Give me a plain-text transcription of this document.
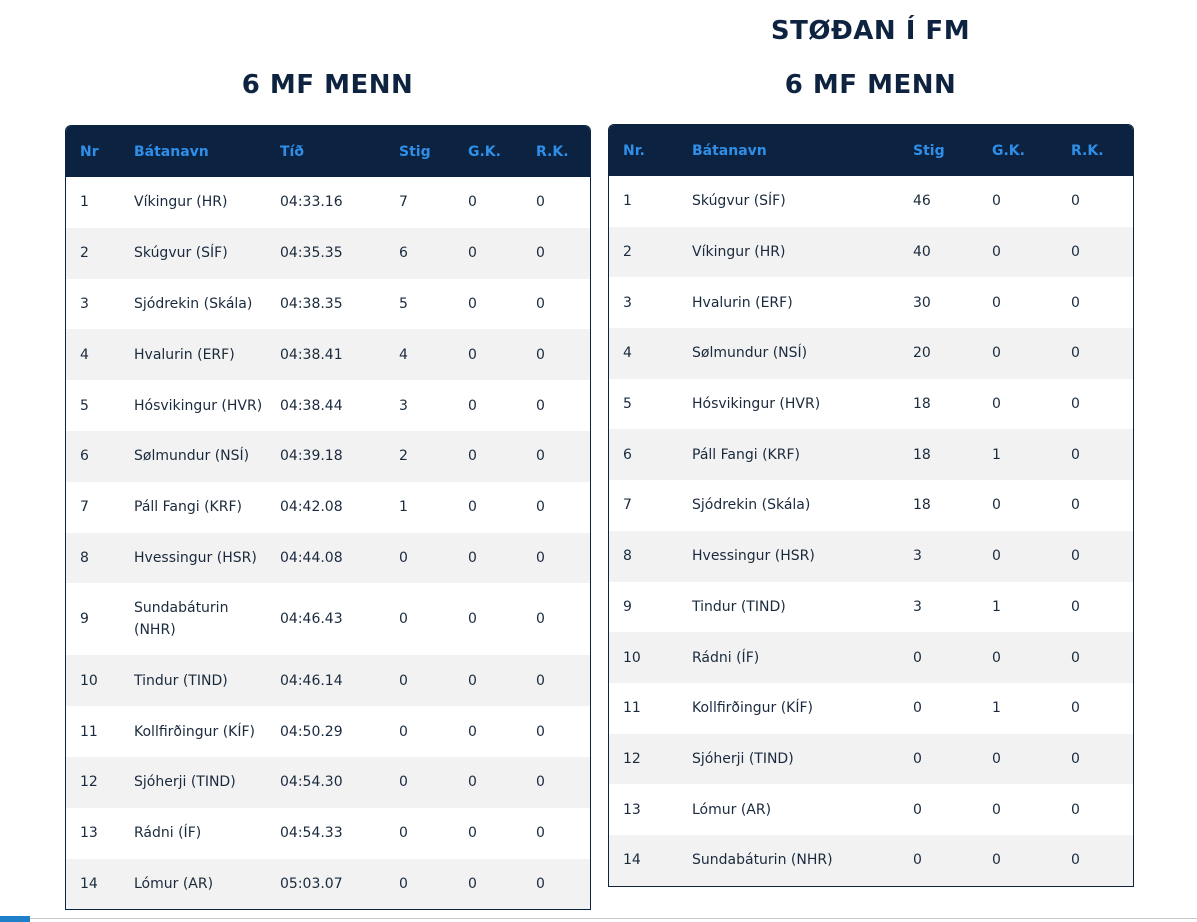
STØÐAN Í FM
6 MF MENN	6 MF MENN
Nr	Bátanavn	Tíð	Stig	G.K.	R.K.
1	Víkingur (HR)	04:33.16	7	0	0
2	Skúgvur (SÍF)	04:35.35	6	0	0
3	Sjódrekin (Skála)	04:38.35	5	0	0
4	Hvalurin (ERF)	04:38.41	4	0	0
5	Hósvikingur (HVR)	04:38.44	3	0	0
6	Sølmundur (NSÍ)	04:39.18	2	0	0
7	Páll Fangi (KRF)	04:42.08	1	0	0
8	Hvessingur (HSR)	04:44.08	0	0	0
9	Sundabáturin (NHR)	04:46.43	0	0	0
10	Tindur (TIND)	04:46.14	0	0	0
11	Kollfirðingur (KÍF)	04:50.29	0	0	0
12	Sjóherji (TIND)	04:54.30	0	0	0
13	Rádni (ÍF)	04:54.33	0	0	0
14	Lómur (AR)	05:03.07	0	0	0
Nr.	Bátanavn	Stig	G.K.	R.K.
1	Skúgvur (SÍF)	46	0	0
2	Víkingur (HR)	40	0	0
3	Hvalurin (ERF)	30	0	0
4	Sølmundur (NSÍ)	20	0	0
5	Hósvikingur (HVR)	18	0	0
6	Páll Fangi (KRF)	18	1	0
7	Sjódrekin (Skála)	18	0	0
8	Hvessingur (HSR)	3	0	0
9	Tindur (TIND)	3	1	0
10	Rádni (ÍF)	0	0	0
11	Kollfirðingur (KÍF)	0	1	0
12	Sjóherji (TIND)	0	0	0
13	Lómur (AR)	0	0	0
14	Sundabáturin (NHR)	0	0	0
